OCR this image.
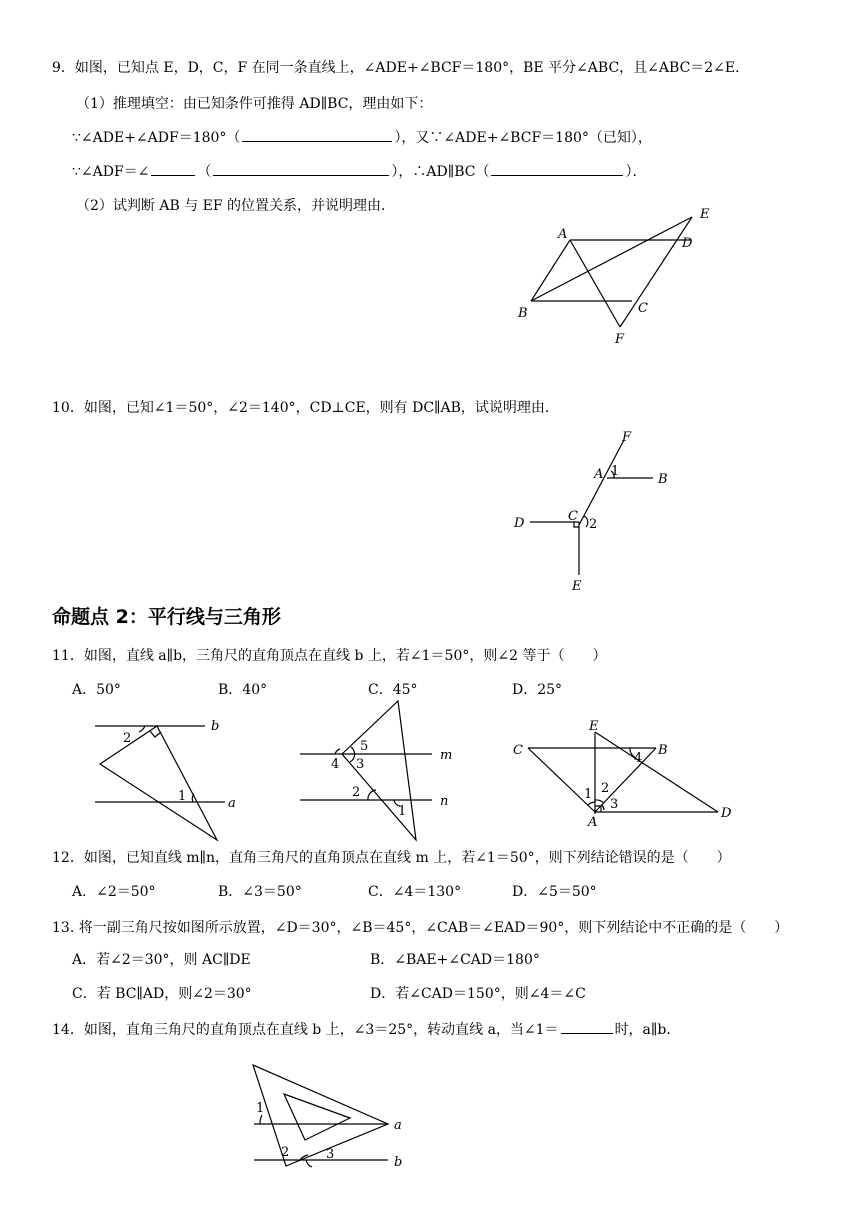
9．如图，已知点 E，D，C，F 在同一条直线上，∠ADE+∠BCF＝180°，BE 平分∠ABC，且∠ABC＝2∠E．
（1）推理填空：由已知条件可推得 AD∥BC，理由如下：
∵∠ADE+∠ADF＝180°（	），又∵∠ADE+∠BCF＝180°（已知），
∵∠ADF＝∠	（	），∴AD∥BC（	）．
（2）试判断 AB 与 EF 的位置关系，并说明理由．
A
B	C
D
E
F
10．如图，已知∠1＝50°，∠2＝140°，CD⊥CE，则有 DC∥AB，试说明理由．
F
A 1
B
C
2
D
E
命题点 2：平行线与三角形
11．如图，直线 a∥b，三角尺的直角顶点在直线 b 上，若∠1＝50°，则∠2 等于（　　）
A．50°	B．40°	C．45°	D．25°
b
a
1
2
5
4 3
2
1
m
n
C
E
B
D
A
1 2
3
4
12．如图，已知直线 m∥n，直角三角尺的直角顶点在直线 m 上，若∠1＝50°，则下列结论错误的是（　　）
A．∠2＝50°	B．∠3＝50°	C．∠4＝130°	D．∠5＝50°
13. 将一副三角尺按如图所示放置，∠D＝30°，∠B＝45°，∠CAB＝∠EAD＝90°，则下列结论中不正确的是（　　）
A．若∠2＝30°，则 AC∥DE	B．∠BAE+∠CAD＝180°
C．若 BC∥AD，则∠2＝30°	D．若∠CAD＝150°，则∠4＝∠C
14．如图，直角三角尺的直角顶点在直线 b 上，∠3＝25°，转动直线 a，当∠1＝	时，a∥b．
a
b
1
2	3
